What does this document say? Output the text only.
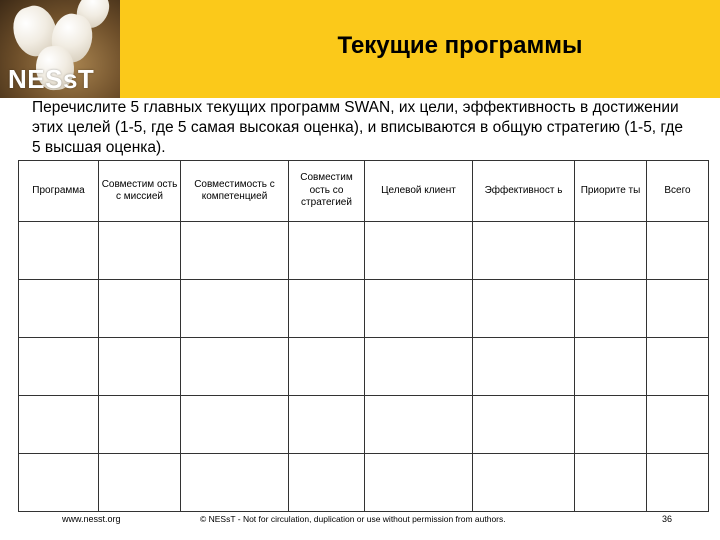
NESsT
Текущие программы
Перечислите 5 главных текущих программ SWAN, их цели, эффективность в достижении этих целей (1-5, где 5 самая высокая оценка), и вписываются в общую стратегию (1-5, где 5 высшая оценка).
Программа	Совместим ость с миссией	Совместимость с компетенцией	Совместим ость со стратегией	Целевой клиент	Эффективност ь	Приорите ты	Всего

www.nesst.org	© NESsT - Not for circulation, duplication or use without permission from authors.	36
